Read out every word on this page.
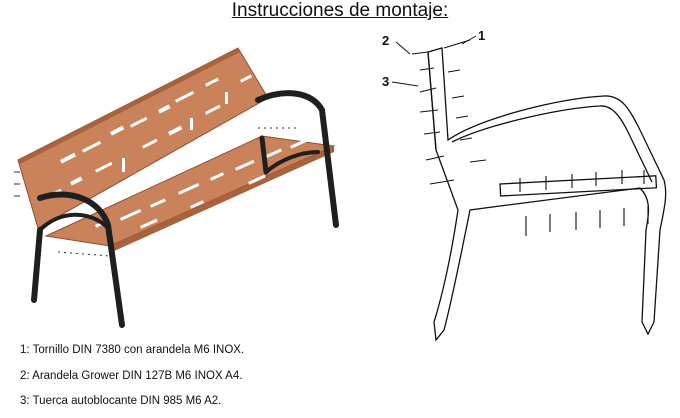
Instrucciones de montaje:
1
2
3
1: Tornillo DIN 7380 con arandela M6 INOX.
2: Arandela Grower DIN 127B M6 INOX A4.
3: Tuerca autoblocante DIN 985 M6 A2.
